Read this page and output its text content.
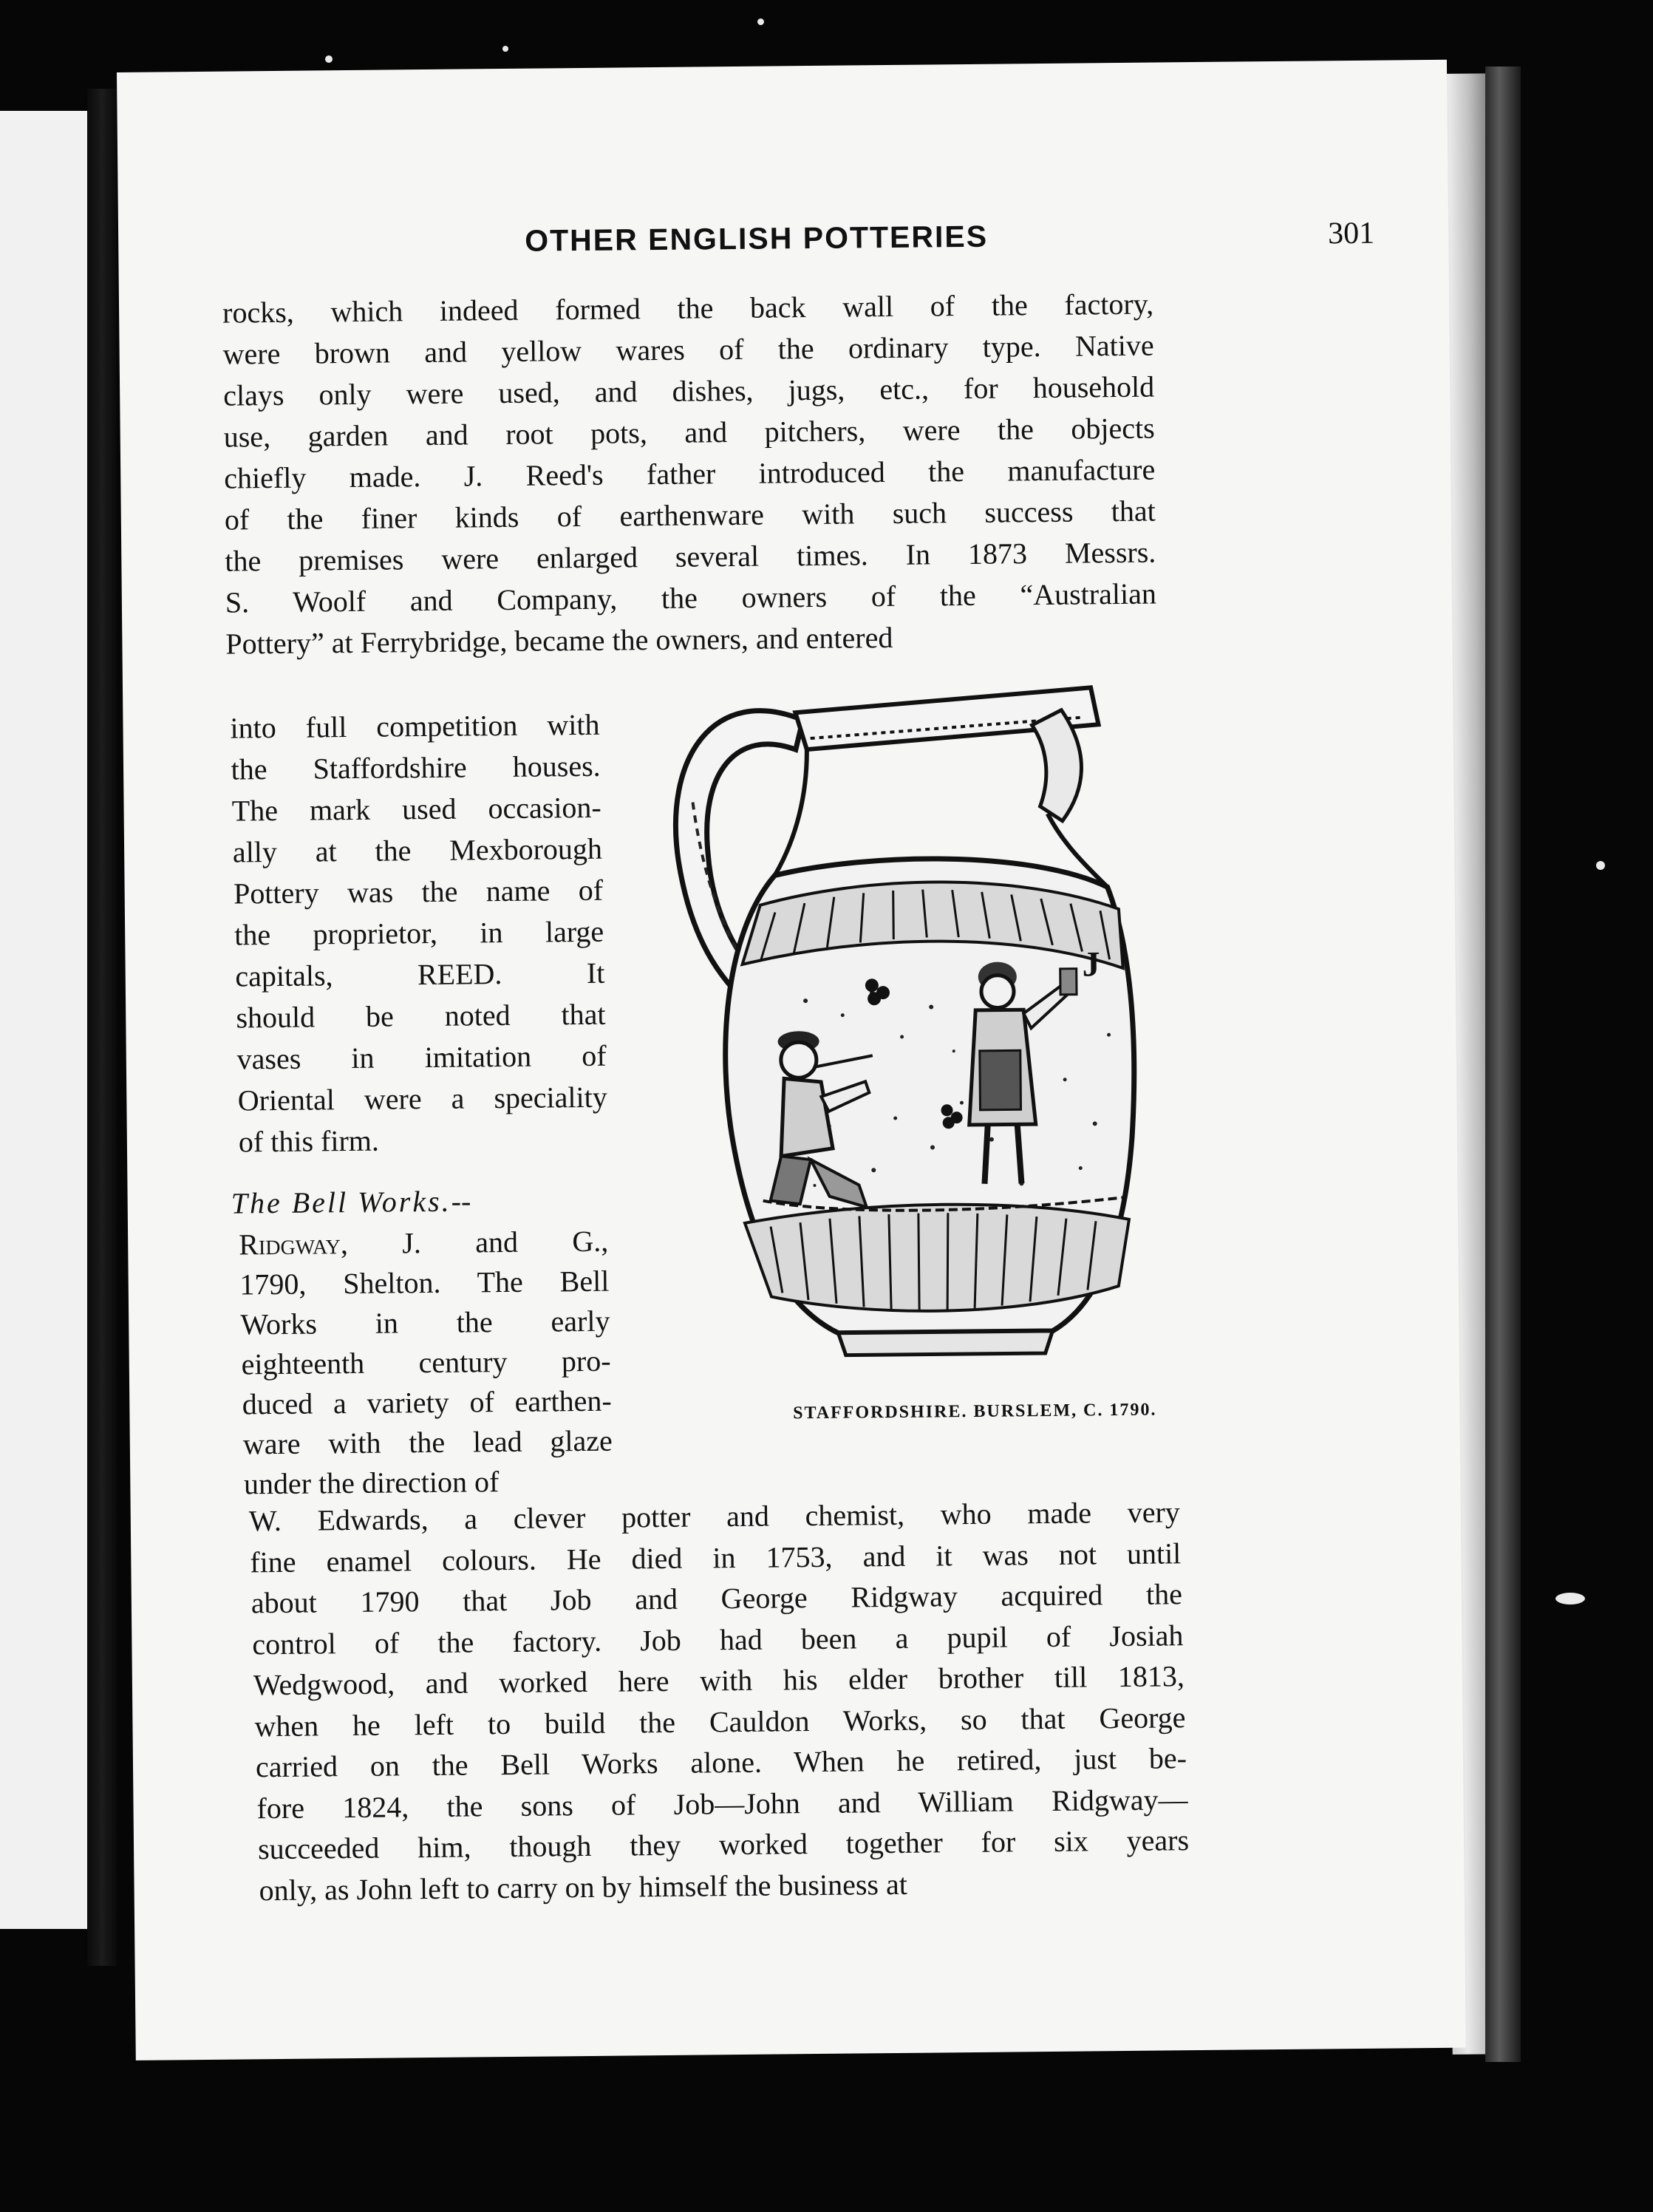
OTHER ENGLISH POTTERIES	301
rocks, which indeed formed the back wall of the factory,
were brown and yellow wares of the ordinary type. Native
clays only were used, and dishes, jugs, etc., for household
use, garden and root pots, and pitchers, were the objects
chiefly made. J. Reed's father introduced the manufacture
of the finer kinds of earthenware with such success that
the premises were enlarged several times. In 1873 Messrs.
S. Woolf and Company, the owners of the “Australian
Pottery” at Ferrybridge, became the owners, and entered
into full competition with
the Staffordshire houses.
The mark used occasion-
ally at the Mexborough
Pottery was the name of
the proprietor, in large
capitals, REED. It
should be noted that
vases in imitation of
Oriental were a speciality
of this firm.
The Bell Works.--
Ridgway, J. and G.,
1790, Shelton. The Bell
Works in the early
eighteenth century pro-
duced a variety of earthen-
ware with the lead glaze
under the direction of
W. Edwards, a clever potter and chemist, who made very
fine enamel colours. He died in 1753, and it was not until
about 1790 that Job and George Ridgway acquired the
control of the factory. Job had been a pupil of Josiah
Wedgwood, and worked here with his elder brother till 1813,
when he left to build the Cauldon Works, so that George
carried on the Bell Works alone. When he retired, just be-
fore 1824, the sons of Job—John and William Ridgway—
succeeded him, though they worked together for six years
only, as John left to carry on by himself the business at
J
STAFFORDSHIRE. BURSLEM, C. 1790.
